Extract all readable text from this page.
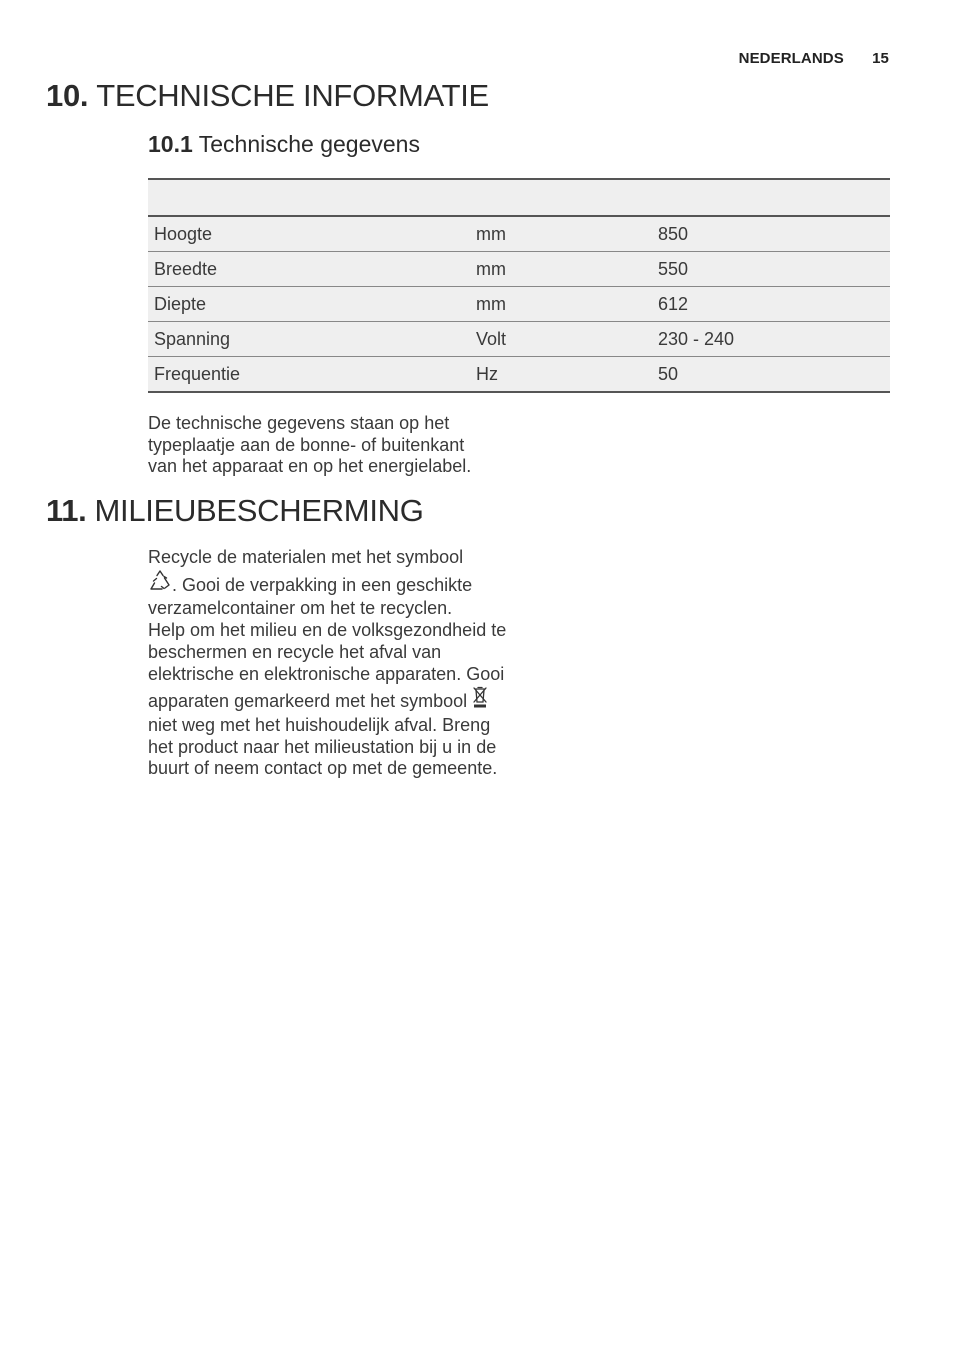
NEDERLANDS 15
10. TECHNISCHE INFORMATIE
10.1 Technische gegevens

Hoogte	mm	850
Breedte	mm	550
Diepte	mm	612
Spanning	Volt	230 - 240
Frequentie	Hz	50

De technische gegevens staan op het typeplaatje aan de bonne- of buitenkant van het apparaat en op het energielabel.

11. MILIEUBESCHERMING

Recycle de materialen met het symbool
. Gooi de verpakking in een geschikte verzamelcontainer om het te recyclen.

Help om het milieu en de volksgezondheid te beschermen en recycle het afval van elektrische en elektronische apparaten. Gooi apparaten gemarkeerd met het symbool  niet weg met het huishoudelijk afval. Breng het product naar het milieustation bij u in de buurt of neem contact op met de gemeente.
